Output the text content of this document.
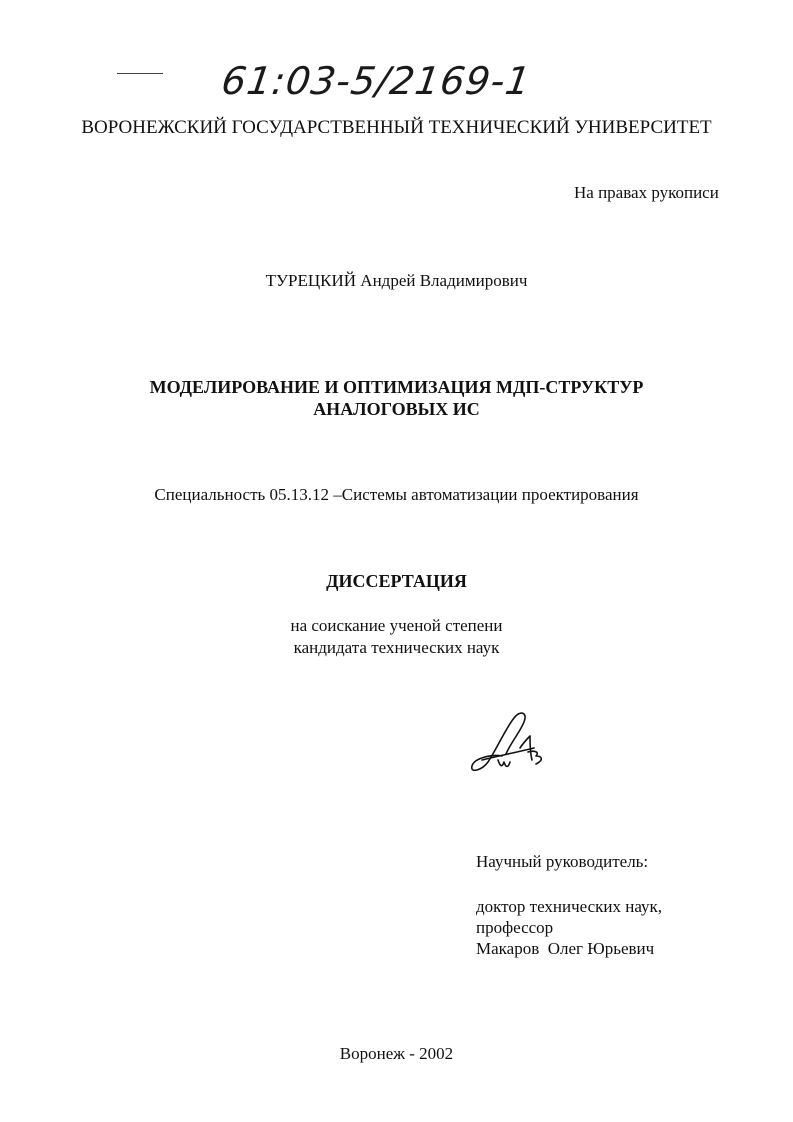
61:03-5/2169-1
ВОРОНЕЖСКИЙ ГОСУДАРСТВЕННЫЙ ТЕХНИЧЕСКИЙ УНИВЕРСИТЕТ
На правах рукописи
ТУРЕЦКИЙ Андрей Владимирович
МОДЕЛИРОВАНИЕ И ОПТИМИЗАЦИЯ МДП-СТРУКТУР
АНАЛОГОВЫХ ИС
Специальность 05.13.12 –Системы автоматизации проектирования
ДИССЕРТАЦИЯ
на соискание ученой степени
кандидата технических наук
Научный руководитель:
доктор технических наук,
профессор
Макаров  Олег Юрьевич
Воронеж - 2002
